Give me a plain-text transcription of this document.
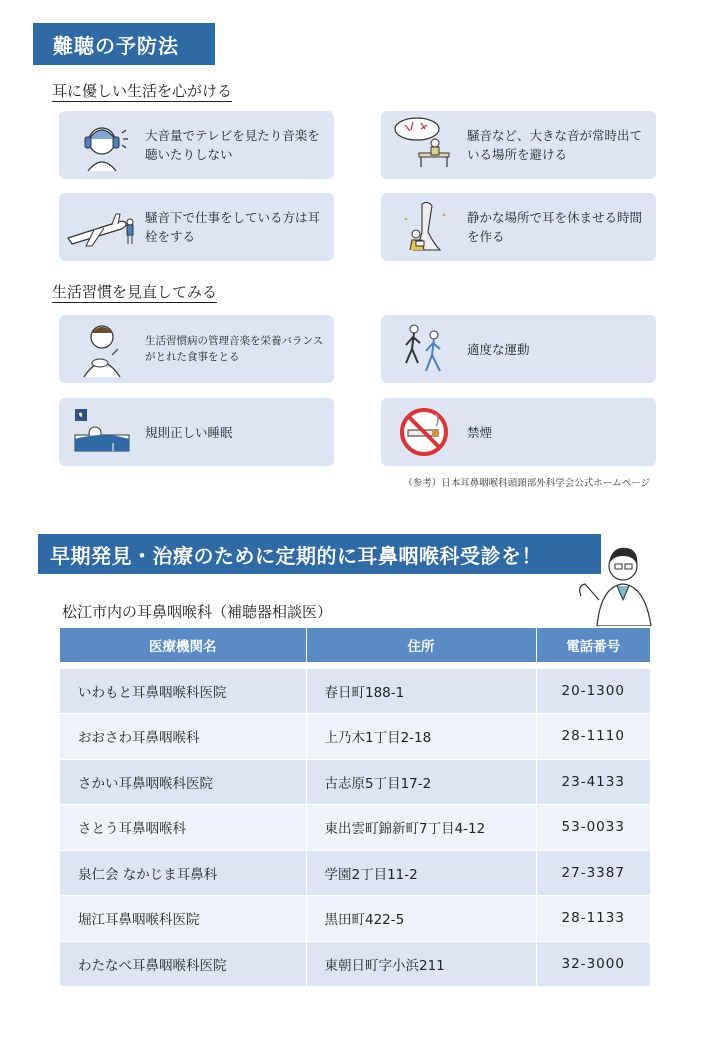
難聴の予防法
耳に優しい生活を心がける
大音量でテレビを見たり音楽を聴いたりしない
騒音など、大きな音が常時出ている場所を避ける
騒音下で仕事をしている方は耳栓をする
静かな場所で耳を休ませる時間を作る
生活習慣を見直してみる
生活習慣病の管理音楽を栄養バランスがとれた食事をとる
適度な運動
規則正しい睡眠	禁煙
（参考）日本耳鼻咽喉科頭頸部外科学会公式ホームページ
早期発見・治療のために定期的に耳鼻咽喉科受診を！
松江市内の耳鼻咽喉科（補聴器相談医）
医療機関名	住所	電話番号

いわもと耳鼻咽喉科医院	春日町188-1	20-1300
おおさわ耳鼻咽喉科	上乃木1丁目2-18	28-1110
さかい耳鼻咽喉科医院	古志原5丁目17-2	23-4133
さとう耳鼻咽喉科	東出雲町錦新町7丁目4-12	53-0033
泉仁会 なかじま耳鼻科	学園2丁目11-2	27-3387
堀江耳鼻咽喉科医院	黒田町422-5	28-1133
わたなべ耳鼻咽喉科医院	東朝日町字小浜211	32-3000
